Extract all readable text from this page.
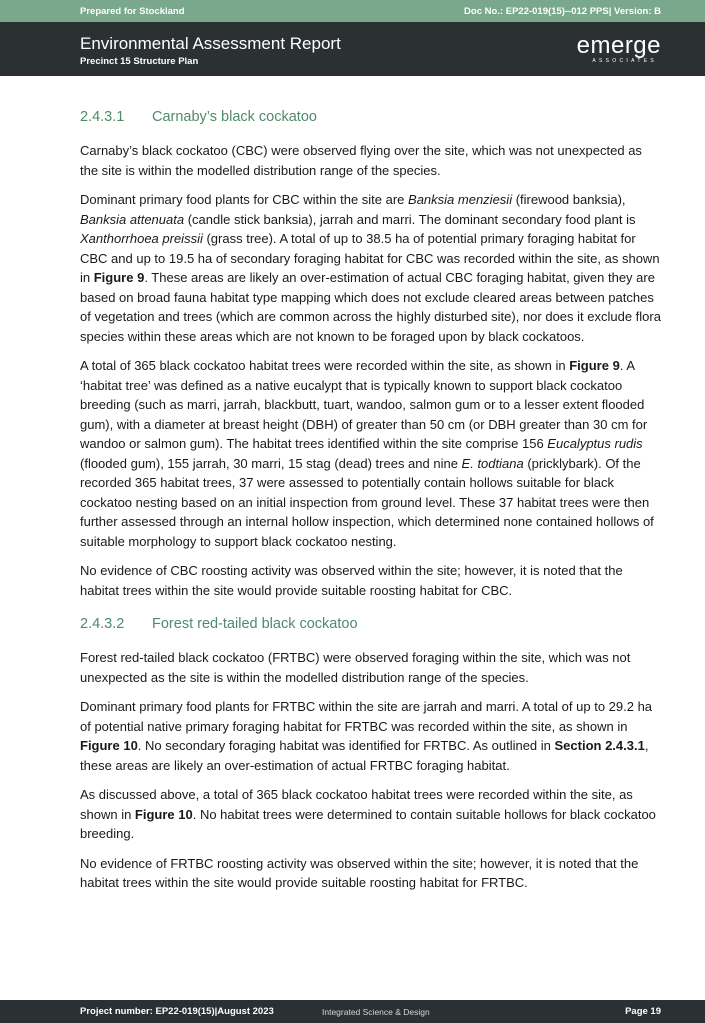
Prepared for Stockland	Doc No.: EP22-019(15)--012 PPS| Version: B
Environmental Assessment Report
Precinct 15 Structure Plan
emerge
ASSOCIATES
2.4.3.1	Carnaby’s black cockatoo

Carnaby’s black cockatoo (CBC) were observed flying over the site, which was not unexpected as the site is within the modelled distribution range of the species.

Dominant primary food plants for CBC within the site are Banksia menziesii (firewood banksia), Banksia attenuata (candle stick banksia), jarrah and marri. The dominant secondary food plant is Xanthorrhoea preissii (grass tree). A total of up to 38.5 ha of potential primary foraging habitat for CBC and up to 19.5 ha of secondary foraging habitat for CBC was recorded within the site, as shown in Figure 9. These areas are likely an over-estimation of actual CBC foraging habitat, given they are based on broad fauna habitat type mapping which does not exclude cleared areas between patches of vegetation and trees (which are common across the highly disturbed site), nor does it exclude flora species within these areas which are not known to be foraged upon by black cockatoos.

A total of 365 black cockatoo habitat trees were recorded within the site, as shown in Figure 9. A ‘habitat tree’ was defined as a native eucalypt that is typically known to support black cockatoo breeding (such as marri, jarrah, blackbutt, tuart, wandoo, salmon gum or to a lesser extent flooded gum), with a diameter at breast height (DBH) of greater than 50 cm (or DBH greater than 30 cm for wandoo or salmon gum). The habitat trees identified within the site comprise 156 Eucalyptus rudis (flooded gum), 155 jarrah, 30 marri, 15 stag (dead) trees and nine E. todtiana (pricklybark). Of the recorded 365 habitat trees, 37 were assessed to potentially contain hollows suitable for black cockatoo nesting based on an initial inspection from ground level. These 37 habitat trees were then further assessed through an internal hollow inspection, which determined none contained hollows of suitable morphology to support black cockatoo nesting.

No evidence of CBC roosting activity was observed within the site; however, it is noted that the habitat trees within the site would provide suitable roosting habitat for CBC.

2.4.3.2	Forest red-tailed black cockatoo

Forest red-tailed black cockatoo (FRTBC) were observed foraging within the site, which was not unexpected as the site is within the modelled distribution range of the species.

Dominant primary food plants for FRTBC within the site are jarrah and marri. A total of up to 29.2 ha of potential native primary foraging habitat for FRTBC was recorded within the site, as shown in Figure 10. No secondary foraging habitat was identified for FRTBC. As outlined in Section 2.4.3.1, these areas are likely an over-estimation of actual FRTBC foraging habitat.

As discussed above, a total of 365 black cockatoo habitat trees were recorded within the site, as shown in Figure 10. No habitat trees were determined to contain suitable hollows for black cockatoo breeding.

No evidence of FRTBC roosting activity was observed within the site; however, it is noted that the habitat trees within the site would provide suitable roosting habitat for FRTBC.

Project number: EP22-019(15)|August 2023	Integrated Science & Design	Page 19
